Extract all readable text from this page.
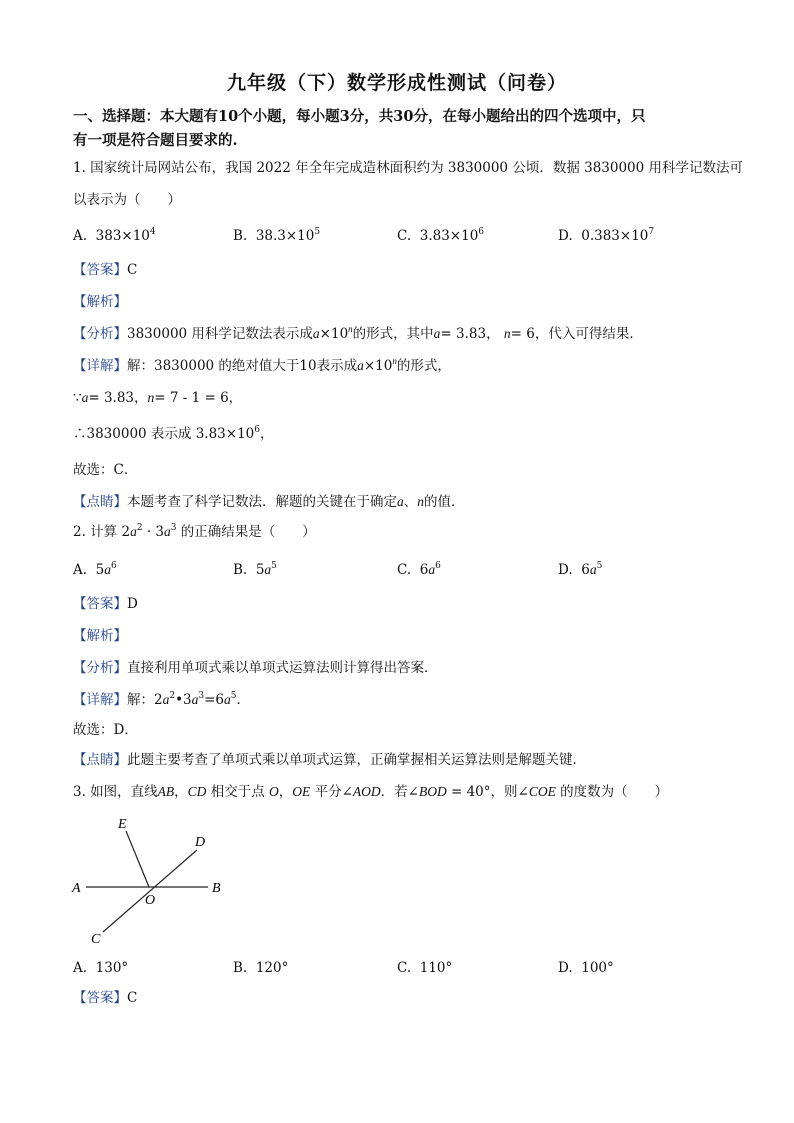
九年级（下）数学形成性测试（问卷）
一、选择题：本大题有10个小题，每小题3分，共30分，在每小题给出的四个选项中，只
有一项是符合题目要求的.
1. 国家统计局网站公布，我国 2022 年全年完成造林面积约为 3830000 公顷．数据 3830000 用科学记数法可
以表示为（　　）
A. $383\times 10^4$	B. $38.3\times 10^5$	C. $3.83\times 10^6$	D. $0.383\times 10^7$
【答案】C
【解析】
【分析】3830000 用科学记数法表示成$a\times 10^n$的形式，其中a= 3.83， n= 6，代入可得结果．
【详解】解：3830000 的绝对值大于10表示成$a\times 10^n$的形式，
∵a= 3.83，n= 7 - 1 = 6，
∴3830000 表示成 $3.83\times 10^6$，
故选：C．
【点睛】本题考查了科学记数法．解题的关键在于确定a、n的值．
2. 计算 $2a^2 \cdot 3a^3$ 的正确结果是（　　）
A. $5a^6$	B. $5a^5$	C. $6a^6$	D. $6a^5$
【答案】D
【解析】
【分析】直接利用单项式乘以单项式运算法则计算得出答案．
【详解】解：$2a^2•3a^3=6a^5$．
故选：D．
【点睛】此题主要考查了单项式乘以单项式运算，正确掌握相关运算法则是解题关键．
3. 如图，直线AB，CD 相交于点 O，OE 平分∠AOD．若∠BOD = 40°，则∠COE 的度数为（　　）
E
D
A
O
B
C
A. 130°	B. 120°	C. 110°	D. 100°
【答案】C
